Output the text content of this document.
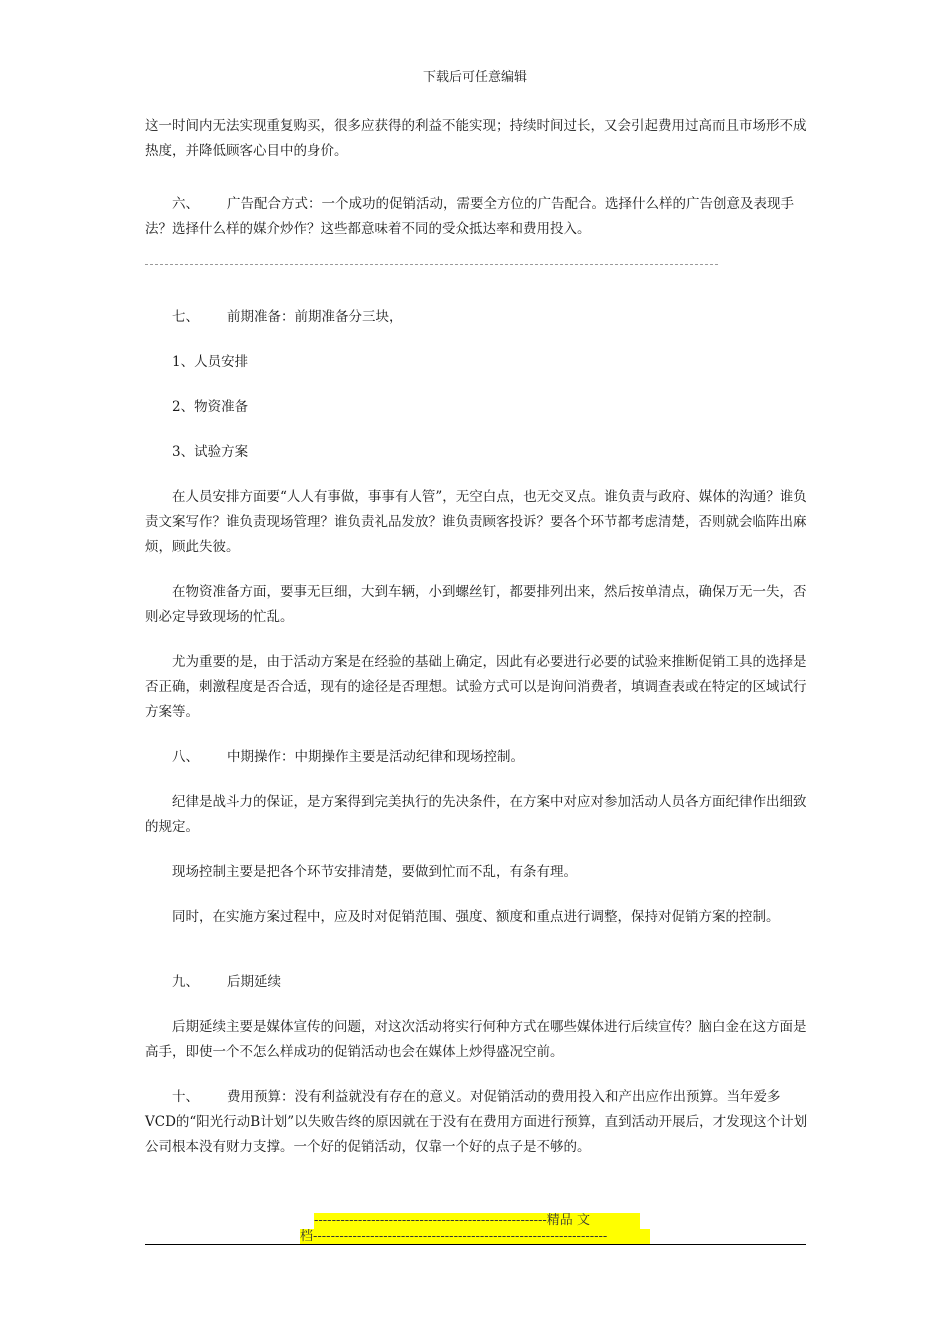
下载后可任意编辑

这一时间内无法实现重复购买，很多应获得的利益不能实现；持续时间过长，又会引起费用过高而且市场形不成热度，并降低顾客心目中的身价。

六、 广告配合方式：一个成功的促销活动，需要全方位的广告配合。选择什么样的广告创意及表现手法？选择什么样的媒介炒作？这些都意味着不同的受众抵达率和费用投入。

七、 前期准备：前期准备分三块，

1、人员安排

2、物资准备

3、试验方案

在人员安排方面要“人人有事做，事事有人管”，无空白点，也无交叉点。谁负责与政府、媒体的沟通？谁负责文案写作？谁负责现场管理？谁负责礼品发放？谁负责顾客投诉？要各个环节都考虑清楚，否则就会临阵出麻烦，顾此失彼。

在物资准备方面，要事无巨细，大到车辆，小到螺丝钉，都要排列出来，然后按单清点，确保万无一失，否则必定导致现场的忙乱。

尤为重要的是，由于活动方案是在经验的基础上确定，因此有必要进行必要的试验来推断促销工具的选择是否正确，刺激程度是否合适，现有的途径是否理想。试验方式可以是询问消费者，填调查表或在特定的区域试行方案等。

八、 中期操作：中期操作主要是活动纪律和现场控制。

纪律是战斗力的保证，是方案得到完美执行的先决条件，在方案中对应对参加活动人员各方面纪律作出细致的规定。

现场控制主要是把各个环节安排清楚，要做到忙而不乱，有条有理。

同时，在实施方案过程中，应及时对促销范围、强度、额度和重点进行调整，保持对促销方案的控制。

九、 后期延续

后期延续主要是媒体宣传的问题，对这次活动将实行何种方式在哪些媒体进行后续宣传？脑白金在这方面是高手，即使一个不怎么样成功的促销活动也会在媒体上炒得盛况空前。

十、 费用预算：没有利益就没有存在的意义。对促销活动的费用投入和产出应作出预算。当年爱多VCD的“阳光行动B计划”以失败告终的原因就在于没有在费用方面进行预算，直到活动开展后，才发现这个计划公司根本没有财力支撑。一个好的促销活动，仅靠一个好的点子是不够的。

-----------------------------------------------------精品 文
档-------------------------------------------------------------------
